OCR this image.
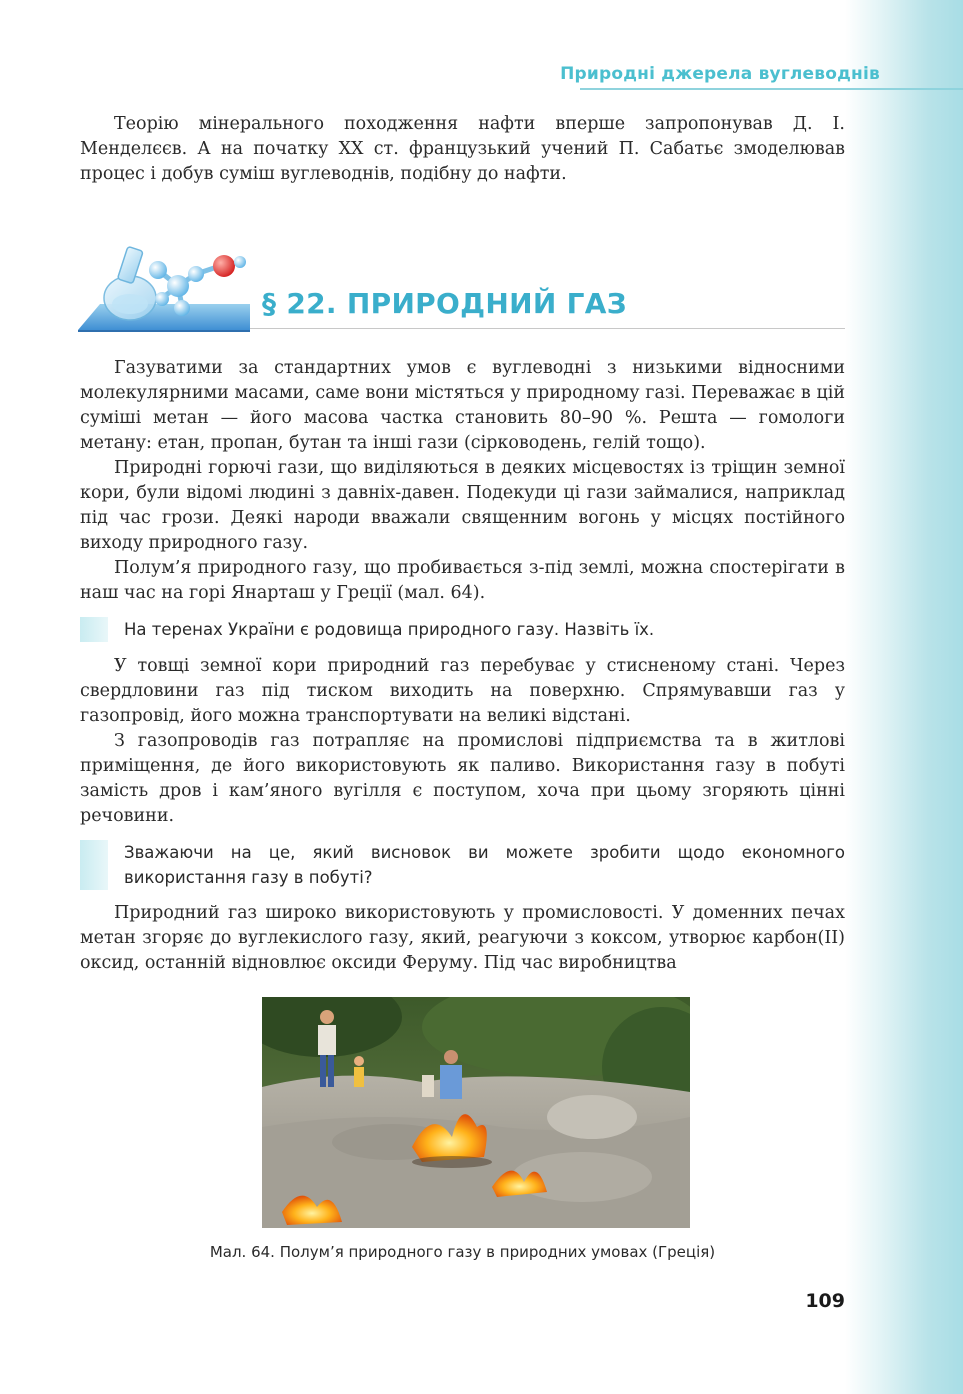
Природні джерела вуглеводнів

Теорію мінерального походження нафти вперше запропонував Д. І. Менделєєв. А на початку XX ст. французький учений П. Сабатьє змоделював процес і добув суміш вуглеводнів, подібну до нафти.

§ 22. ПРИРОДНИЙ ГАЗ

Газуватими за стандартних умов є вуглеводні з низькими відносними молекулярними масами, саме вони містяться у природному газі. Переважає в цій суміші метан — його масова частка становить 80–90 %. Решта — гомологи метану: етан, пропан, бутан та інші гази (сірководень, гелій тощо).

Природні горючі гази, що виділяються в деяких місцевостях із тріщин земної кори, були відомі людині з давніх-давен. Подекуди ці гази займалися, наприклад під час грози. Деякі народи вважали священним вогонь у місцях постійного виходу природного газу.

Полум’я природного газу, що пробивається з-під землі, можна спостерігати в наш час на горі Янарташ у Греції (мал. 64).

На теренах України є родовища природного газу. Назвіть їх.

У товщі земної кори природний газ перебуває у стисненому стані. Через свердловини газ під тиском виходить на поверхню. Спрямувавши газ у газопровід, його можна транспортувати на великі відстані.

З газопроводів газ потрапляє на промислові підприємства та в житлові приміщення, де його використовують як паливо. Використання газу в побуті замість дров і кам’яного вугілля є поступом, хоча при цьому згоряють цінні речовини.

Зважаючи на це, який висновок ви можете зробити щодо економного використання газу в побуті?

Природний газ широко використовують у промисловості. У доменних печах метан згоряє до вуглекислого газу, який, реагуючи з коксом, утворює карбон(II) оксид, останній відновлює оксиди Феруму. Під час виробництва

Мал. 64. Полум’я природного газу в природних умовах (Греція)
109
